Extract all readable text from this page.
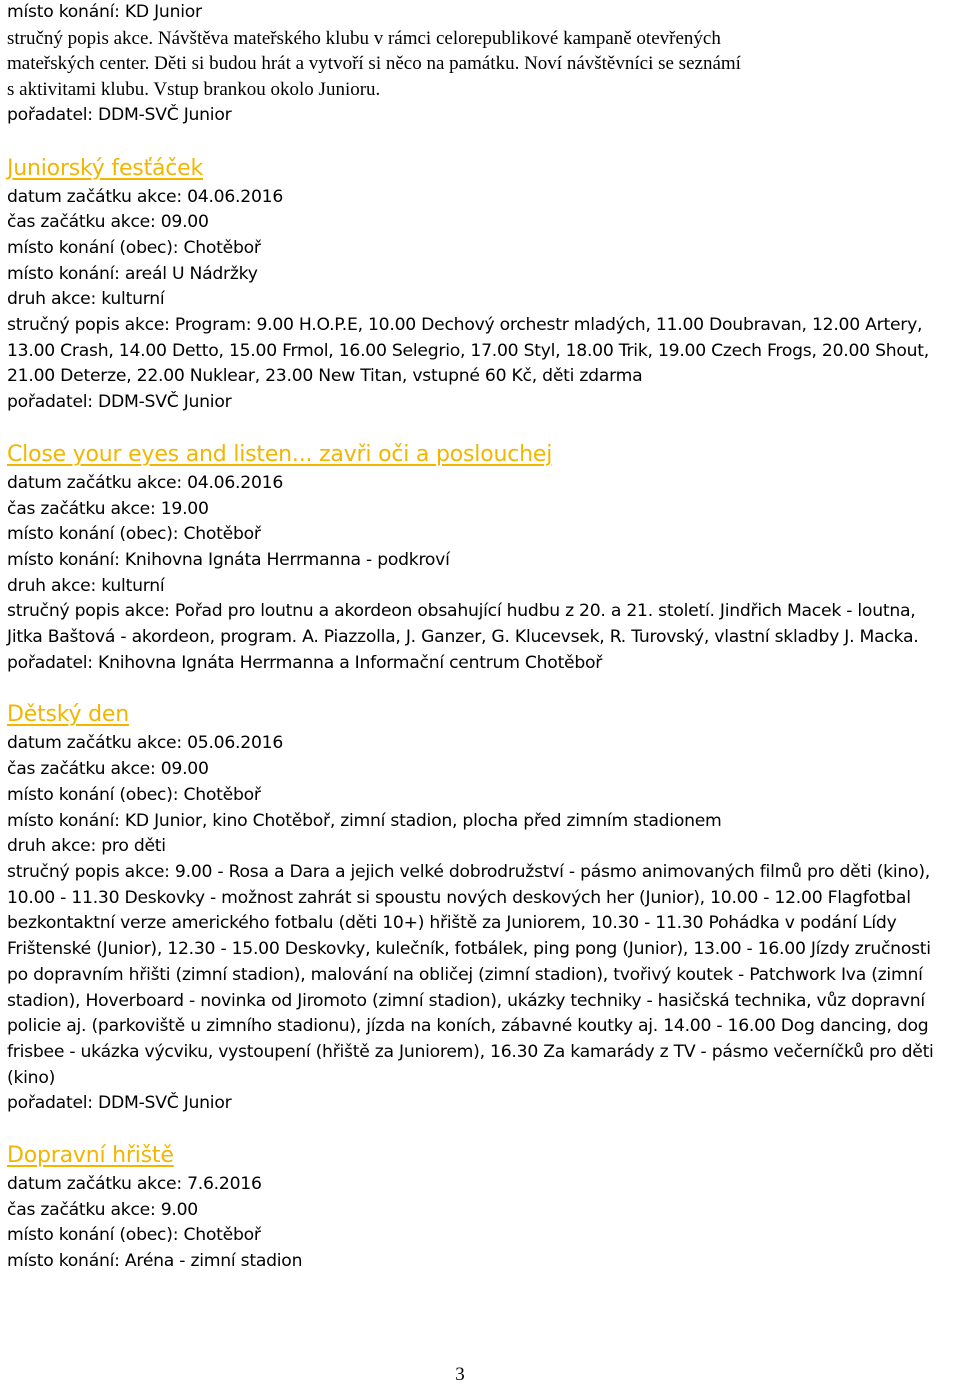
místo konání: KD Junior
stručný popis akce. Návštěva mateřského klubu v rámci celorepublikové kampaně otevřených
mateřských center. Děti si budou hrát a vytvoří si něco na památku. Noví návštěvníci se seznámí
s aktivitami klubu. Vstup brankou okolo Junioru.
pořadatel: DDM-SVČ Junior
Juniorský fesťáček
datum začátku akce: 04.06.2016
čas začátku akce: 09.00
místo konání (obec): Chotěboř
místo konání: areál U Nádržky
druh akce: kulturní
stručný popis akce: Program: 9.00 H.O.P.E, 10.00 Dechový orchestr mladých, 11.00 Doubravan, 12.00 Artery, 13.00 Crash, 14.00 Detto, 15.00 Frmol, 16.00 Selegrio, 17.00 Styl, 18.00 Trik, 19.00 Czech Frogs, 20.00 Shout, 21.00 Deterze, 22.00 Nuklear, 23.00 New Titan, vstupné 60 Kč, děti zdarma
pořadatel: DDM-SVČ Junior
Close your eyes and listen... zavři oči a poslouchej
datum začátku akce: 04.06.2016
čas začátku akce: 19.00
místo konání (obec): Chotěboř
místo konání: Knihovna Ignáta Herrmanna - podkroví
druh akce: kulturní
stručný popis akce: Pořad pro loutnu a akordeon obsahující hudbu z 20. a 21. století. Jindřich Macek - loutna, Jitka Baštová - akordeon, program. A. Piazzolla, J. Ganzer, G. Klucevsek, R. Turovský, vlastní skladby J. Macka.
pořadatel: Knihovna Ignáta Herrmanna a Informační centrum Chotěboř
Dětský den
datum začátku akce: 05.06.2016
čas začátku akce: 09.00
místo konání (obec): Chotěboř
místo konání: KD Junior, kino Chotěboř, zimní stadion, plocha před zimním stadionem
druh akce: pro děti
stručný popis akce: 9.00 - Rosa a Dara a jejich velké dobrodružství - pásmo animovaných filmů pro děti (kino), 10.00 - 11.30 Deskovky - možnost zahrát si spoustu nových deskových her (Junior), 10.00 - 12.00 Flagfotbal bezkontaktní verze amerického fotbalu (děti 10+) hřiště za Juniorem, 10.30 - 11.30 Pohádka v podání Lídy Frištenské (Junior), 12.30 - 15.00 Deskovky, kulečník, fotbálek, ping pong (Junior), 13.00 - 16.00 Jízdy zručnosti po dopravním hřišti (zimní stadion), malování na obličej (zimní stadion), tvořivý koutek - Patchwork Iva (zimní stadion), Hoverboard - novinka od Jiromoto (zimní stadion), ukázky techniky - hasičská technika, vůz dopravní policie aj. (parkoviště u zimního stadionu), jízda na koních, zábavné koutky aj. 14.00 - 16.00 Dog dancing, dog frisbee - ukázka výcviku, vystoupení (hřiště za Juniorem), 16.30 Za kamarády z TV - pásmo večerníčků pro děti (kino)
pořadatel: DDM-SVČ Junior
Dopravní hřiště
datum začátku akce: 7.6.2016
čas začátku akce: 9.00
místo konání (obec): Chotěboř
místo konání: Aréna - zimní stadion
3
